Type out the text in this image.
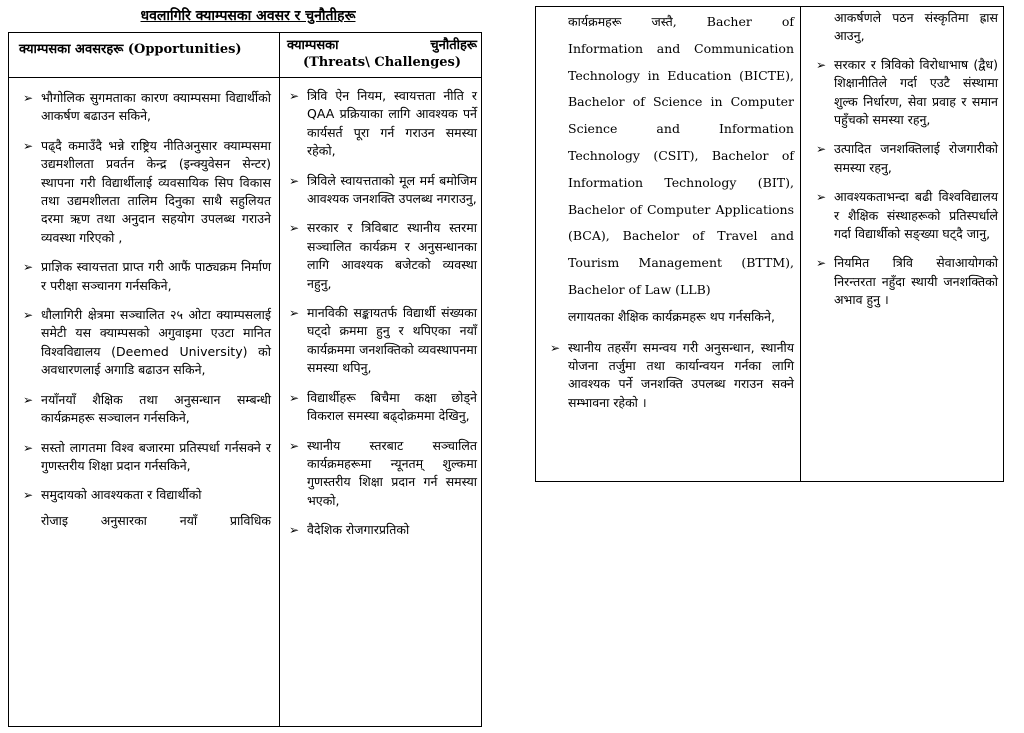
धवलागिरि क्याम्पसका अवसर र चुनौतीहरू
क्याम्पसका अवसरहरू (Opportunities)	क्याम्पसका चुनौतीहरू
(Threats\ Challenges)
➢ भौगोलिक सुगमताका कारण क्याम्पसमा विद्यार्थीको आकर्षण बढाउन सकिने,
➢ पढ्दै कमाउँदै भन्ने राष्ट्रिय नीतिअनुसार क्याम्पसमा उद्यमशीलता प्रवर्तन केन्द्र (इन्क्युवेसन सेन्टर) स्थापना गरी विद्यार्थीलाई व्यवसायिक सिप विकास तथा उद्यमशीलता तालिम दिनुका साथै सहुलियत दरमा ऋण तथा अनुदान सहयोग उपलब्ध गराउने व्यवस्था गरिएको ,
➢ प्राज्ञिक स्वायत्तता प्राप्त गरी आफैं पाठ्यक्रम निर्माण र परीक्षा सञ्चानग गर्नसकिने,
➢ धौलागिरी क्षेत्रमा सञ्चालित २५ ओटा क्याम्पसलाई समेटी यस क्याम्पसको अगुवाइमा एउटा मानित विश्वविद्यालय (Deemed University) को अवधारणलाई अगाडि बढाउन सकिने,
➢ नयाँनयाँ शैक्षिक तथा अनुसन्धान सम्बन्धी कार्यक्रमहरू सञ्चालन गर्नसकिने,
➢ सस्तो लागतमा विश्व बजारमा प्रतिस्पर्धा गर्नसक्ने र गुणस्तरीय शिक्षा प्रदान गर्नसकिने,
➢ समुदायको आवश्यकता र विद्यार्थीको
रोजाइ अनुसारका नयाँ प्राविधिक
➢ त्रिवि ऐन नियम, स्वायत्तता नीति र QAA प्रक्रियाका लागि आवश्यक पर्ने कार्यसर्त पूरा गर्न गराउन समस्या रहेको,
➢ त्रिविले स्वायत्तताको मूल मर्म बमोजिम आवश्यक जनशक्ति उपलब्ध नगराउनु,
➢ सरकार र त्रिविबाट स्थानीय स्तरमा सञ्चालित कार्यक्रम र अनुसन्धानका लागि आवश्यक बजेटको व्यवस्था नहुनु,
➢ मानविकी सङ्कायतर्फ विद्यार्थी संख्यका घट्दो क्रममा हुनु र थपिएका नयाँ कार्यक्रममा जनशक्तिको व्यवस्थापनमा समस्या थपिनु,
➢ विद्यार्थीहरू बिचैमा कक्षा छोड्ने विकराल समस्या बढ्दोक्रममा देखिनु,
➢ स्थानीय स्तरबाट सञ्चालित कार्यक्रमहरूमा न्यूनतम् शुल्कमा गुणस्तरीय शिक्षा प्रदान गर्न समस्या भएको,
➢ वैदेशिक रोजगारप्रतिको
कार्यक्रमहरू जस्तै, Bacher of Information and Communication Technology in Education (BICTE), Bachelor of Science in Computer Science and Information Technology (CSIT), Bachelor of Information Technology (BIT), Bachelor of Computer Applications (BCA), Bachelor of Travel and Tourism Management (BTTM), Bachelor of Law (LLB)
लगायतका शैक्षिक कार्यक्रमहरू थप गर्नसकिने,
➢ स्थानीय तहसँग समन्वय गरी अनुसन्धान, स्थानीय योजना तर्जुमा तथा कार्यान्वयन गर्नका लागि आवश्यक पर्ने जनशक्ति उपलब्ध गराउन सक्ने सम्भावना रहेको ।
आकर्षणले पठन संस्कृतिमा ह्रास आउनु,
➢ सरकार र त्रिविको विरोधाभाष (द्वैध) शिक्षानीतिले गर्दा एउटै संस्थामा शुल्क निर्धारण, सेवा प्रवाह र समान पहुँचको समस्या रहनु,
➢ उत्पादित जनशक्तिलाई रोजगारीको समस्या रहनु,
➢ आवश्यकताभन्दा बढी विश्वविद्यालय र शैक्षिक संस्थाहरूको प्रतिस्पर्धाले गर्दा विद्यार्थीको सङ्ख्या घट्दै जानु,
➢ नियमित त्रिवि सेवाआयोगको निरन्तरता नहुँदा स्थायी जनशक्तिको अभाव हुनु ।
